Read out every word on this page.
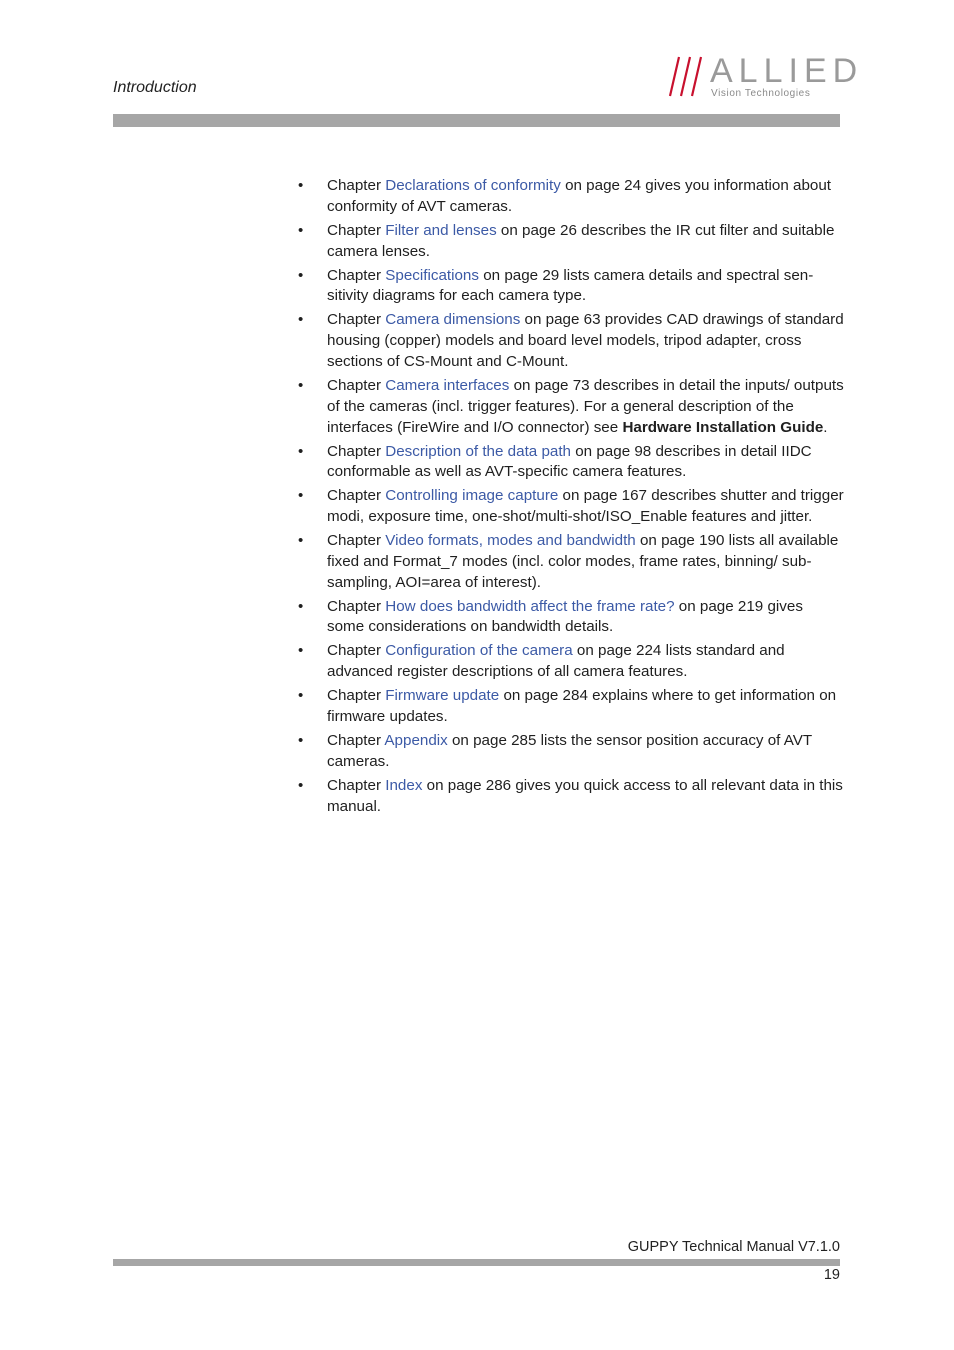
Introduction	ALLIED
Vision Technologies
•	Chapter Declarations of conformity on page 24 gives you information about conformity of AVT cameras.
•	Chapter Filter and lenses on page 26 describes the IR cut filter and suitable camera lenses.
•	Chapter Specifications on page 29 lists camera details and spectral sensitivity diagrams for each camera type.
•	Chapter Camera dimensions on page 63 provides CAD drawings of standard housing (copper) models and board level models, tripod adapter, cross sections of CS-Mount and C-Mount.
•	Chapter Camera interfaces on page 73 describes in detail the inputs/ outputs of the cameras (incl. trigger features). For a general description of the interfaces (FireWire and I/O connector) see Hardware Installation Guide.
•	Chapter Description of the data path on page 98 describes in detail IIDC conformable as well as AVT-specific camera features.
•	Chapter Controlling image capture on page 167 describes shutter and trigger modi, exposure time, one-shot/multi-shot/ISO_Enable features and jitter.
•	Chapter Video formats, modes and bandwidth on page 190 lists all available fixed and Format_7 modes (incl. color modes, frame rates, binning/ sub-sampling, AOI=area of interest).
•	Chapter How does bandwidth affect the frame rate? on page 219 gives some considerations on bandwidth details.
•	Chapter Configuration of the camera on page 224 lists standard and advanced register descriptions of all camera features.
•	Chapter Firmware update on page 284 explains where to get information on firmware updates.
•	Chapter Appendix on page 285 lists the sensor position accuracy of AVT cameras.
•	Chapter Index on page 286 gives you quick access to all relevant data in this manual.
GUPPY Technical Manual V7.1.0
19
